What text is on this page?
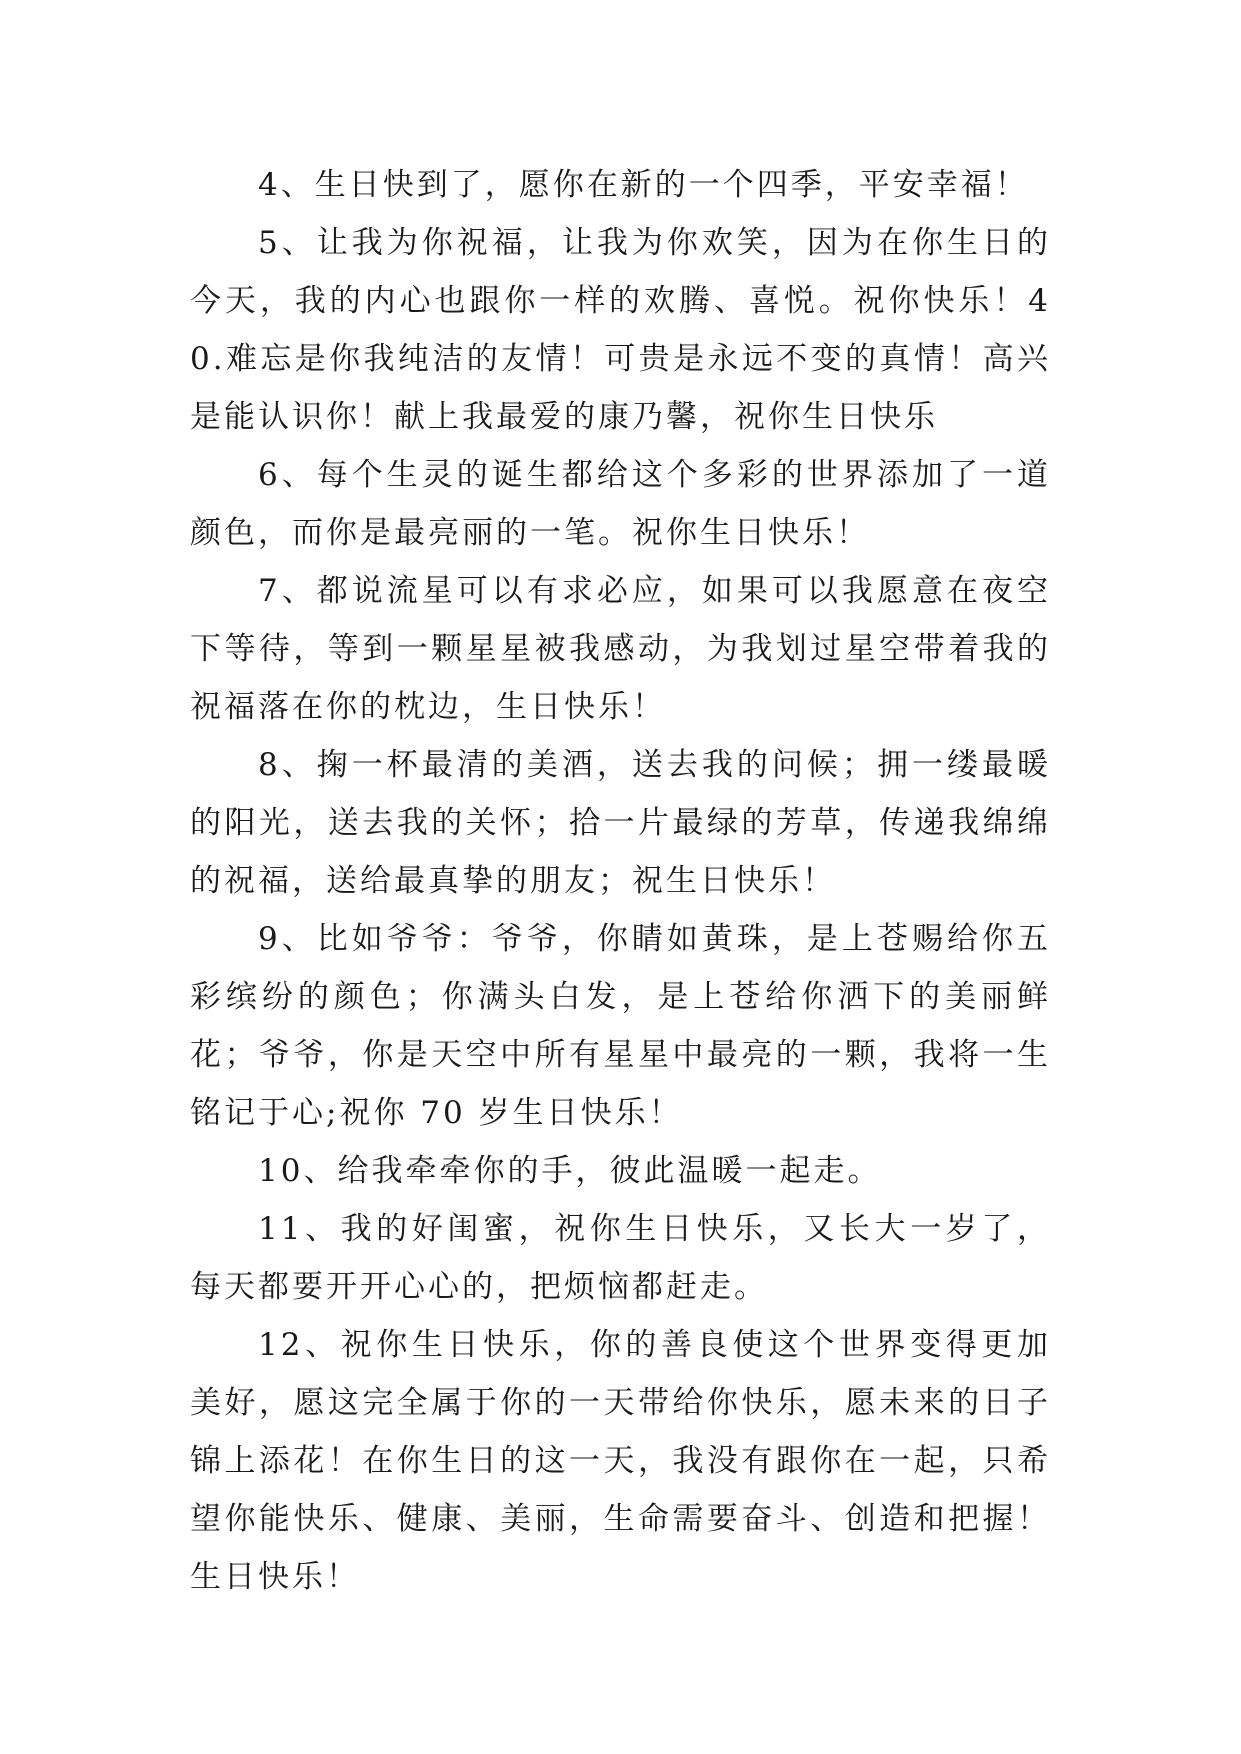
4、生日快到了，愿你在新的一个四季，平安幸福！

5、让我为你祝福，让我为你欢笑，因为在你生日的今天，我的内心也跟你一样的欢腾、喜悦。祝你快乐！40.难忘是你我纯洁的友情！可贵是永远不变的真情！高兴是能认识你！献上我最爱的康乃馨，祝你生日快乐

6、每个生灵的诞生都给这个多彩的世界添加了一道颜色，而你是最亮丽的一笔。祝你生日快乐！

7、都说流星可以有求必应，如果可以我愿意在夜空下等待，等到一颗星星被我感动，为我划过星空带着我的祝福落在你的枕边，生日快乐！

8、掬一杯最清的美酒，送去我的问候；拥一缕最暖的阳光，送去我的关怀；拾一片最绿的芳草，传递我绵绵的祝福，送给最真挚的朋友；祝生日快乐！

9、比如爷爷：爷爷，你睛如黄珠，是上苍赐给你五彩缤纷的颜色；你满头白发，是上苍给你洒下的美丽鲜花；爷爷，你是天空中所有星星中最亮的一颗，我将一生铭记于心;祝你 70 岁生日快乐！

10、给我牵牵你的手，彼此温暖一起走。

11、我的好闺蜜，祝你生日快乐，又长大一岁了，每天都要开开心心的，把烦恼都赶走。

12、祝你生日快乐，你的善良使这个世界变得更加美好，愿这完全属于你的一天带给你快乐，愿未来的日子锦上添花！在你生日的这一天，我没有跟你在一起，只希望你能快乐、健康、美丽，生命需要奋斗、创造和把握！生日快乐！
